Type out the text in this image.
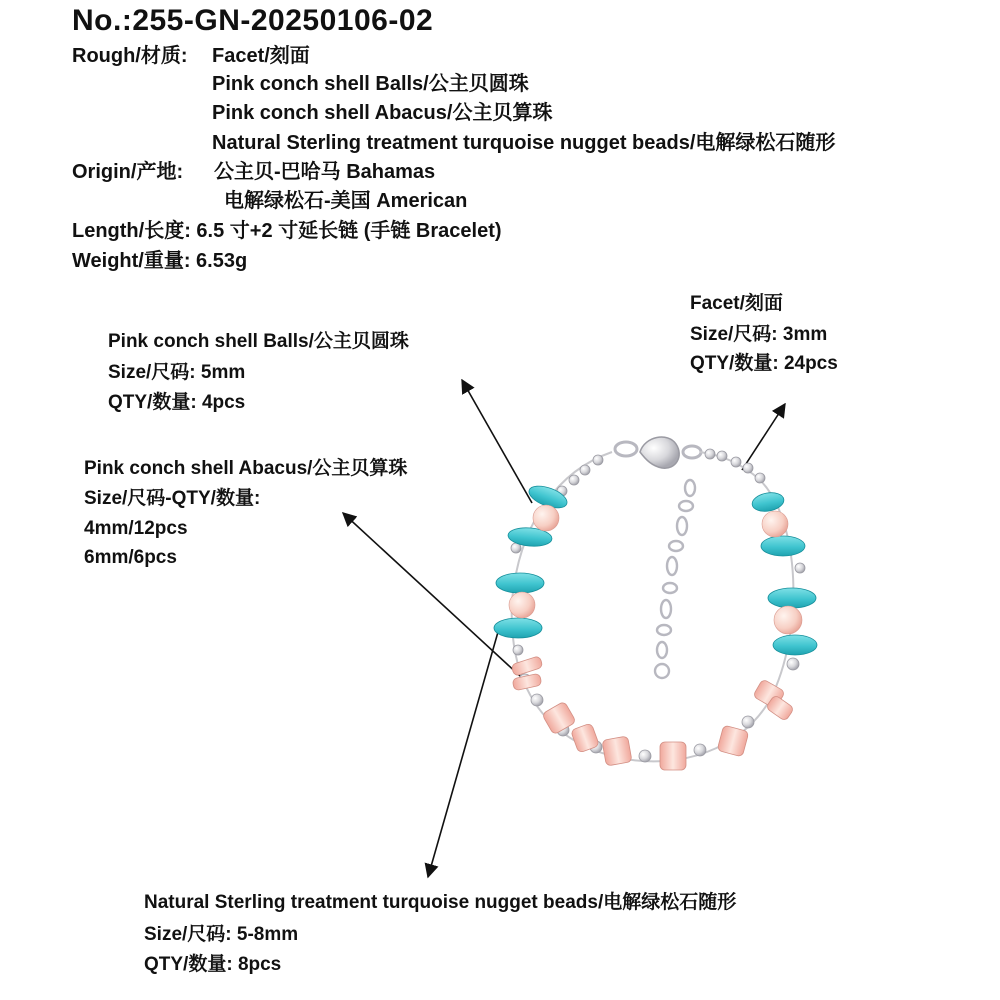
No.:255-GN-20250106-02
Rough/材质: Facet/刻面
Pink conch shell Balls/公主贝圆珠
Pink conch shell Abacus/公主贝算珠
Natural Sterling treatment turquoise nugget beads/电解绿松石随形
Origin/产地: 公主贝-巴哈马 Bahamas
电解绿松石-美国 American
Length/长度: 6.5 寸+2 寸延长链 (手链 Bracelet)
Weight/重量: 6.53g
Facet/刻面
Size/尺码: 3mm
QTY/数量: 24pcs
Pink conch shell Balls/公主贝圆珠
Size/尺码: 5mm
QTY/数量: 4pcs
Pink conch shell Abacus/公主贝算珠
Size/尺码-QTY/数量:
4mm/12pcs
6mm/6pcs
Natural Sterling treatment turquoise nugget beads/电解绿松石随形
Size/尺码: 5-8mm
QTY/数量: 8pcs
